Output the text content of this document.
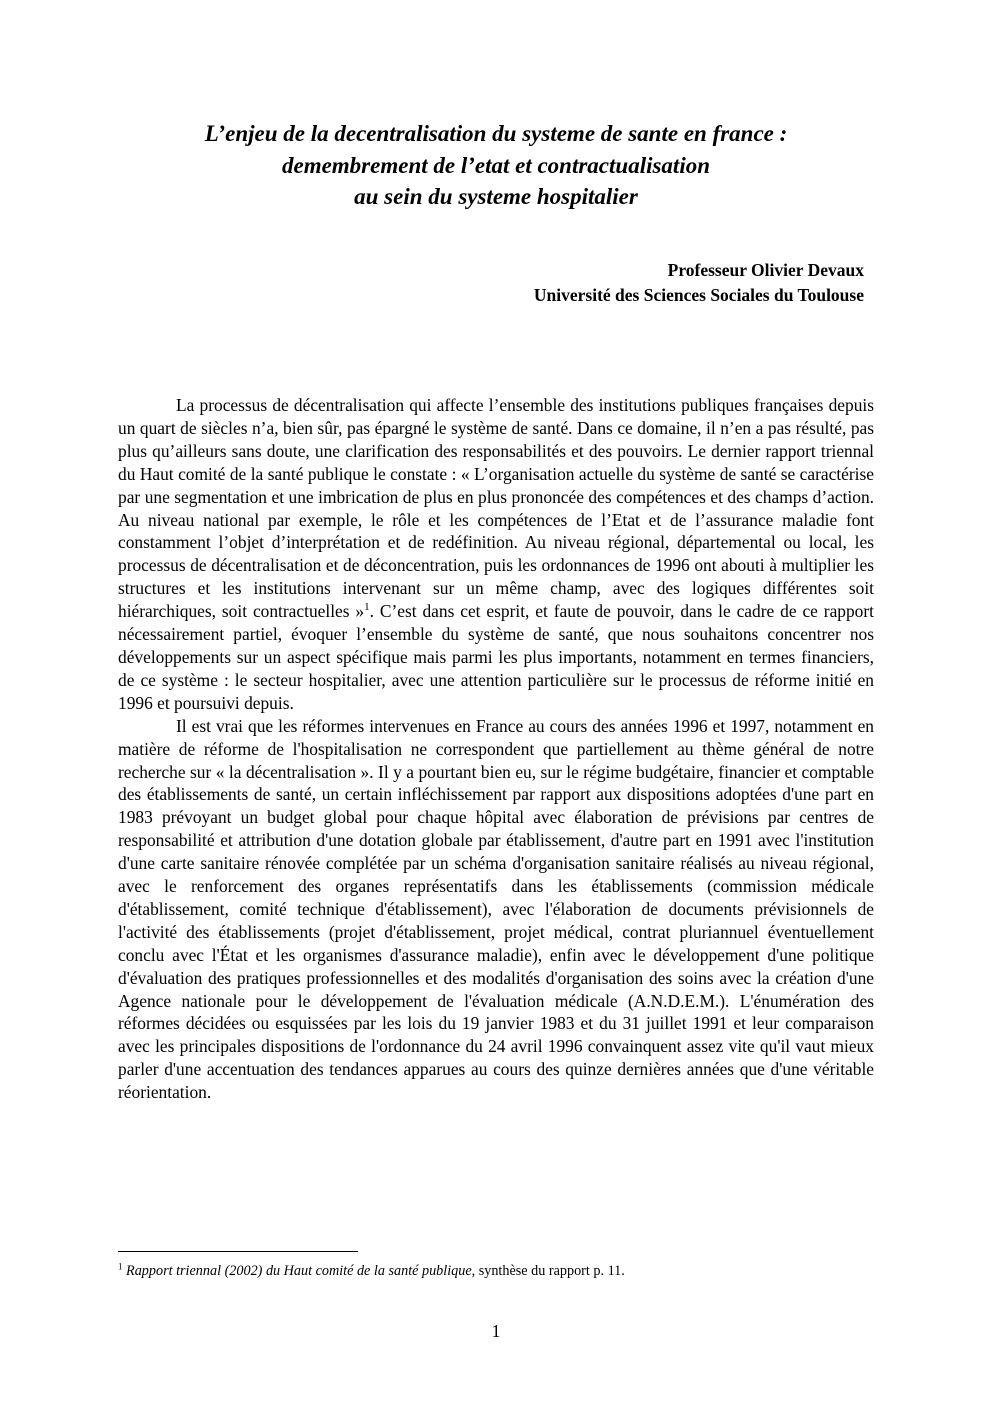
L’enjeu de la decentralisation du systeme de sante en france :
demembrement de l’etat et contractualisation
au sein du systeme hospitalier
Professeur Olivier Devaux
Université des Sciences Sociales du Toulouse

La processus de décentralisation qui affecte l’ensemble des institutions publiques françaises depuis un quart de siècles n’a, bien sûr, pas épargné le système de santé. Dans ce domaine, il n’en a pas résulté, pas plus qu’ailleurs sans doute, une clarification des responsabilités et des pouvoirs. Le dernier rapport triennal du Haut comité de la santé publique le constate : « L’organisation actuelle du système de santé se caractérise par une segmentation et une imbrication de plus en plus prononcée des compétences et des champs d’action. Au niveau national par exemple, le rôle et les compétences de l’Etat et de l’assurance maladie font constamment l’objet d’interprétation et de redéfinition. Au niveau régional, départemental ou local, les processus de décentralisation et de déconcentration, puis les ordonnances de 1996 ont abouti à multiplier les structures et les institutions intervenant sur un même champ, avec des logiques différentes soit hiérarchiques, soit contractuelles »$^1$. C’est dans cet esprit, et faute de pouvoir, dans le cadre de ce rapport nécessairement partiel, évoquer l’ensemble du système de santé, que nous souhaitons concentrer nos développements sur un aspect spécifique mais parmi les plus importants, notamment en termes financiers, de ce système : le secteur hospitalier, avec une attention particulière sur le processus de réforme initié en 1996 et poursuivi depuis.

Il est vrai que les réformes intervenues en France au cours des années 1996 et 1997, notamment en matière de réforme de l'hospitalisation ne correspondent que partiellement au thème général de notre recherche sur « la décentralisation ». Il y a pourtant bien eu, sur le régime budgétaire, financier et comptable des établissements de santé, un certain infléchissement par rapport aux dispositions adoptées d'une part en 1983 prévoyant un budget global pour chaque hôpital avec élaboration de prévisions par centres de responsabilité et attribution d'une dotation globale par établissement, d'autre part en 1991 avec l'institution d'une carte sanitaire rénovée complétée par un schéma d'organisation sanitaire réalisés au niveau régional, avec le renforcement des organes représentatifs dans les établissements (commission médicale d'établissement, comité technique d'établissement), avec l'élaboration de documents prévisionnels de l'activité des établissements (projet d'établissement, projet médical, contrat pluriannuel éventuellement conclu avec l'État et les organismes d'assurance maladie), enfin avec le développement d'une politique d'évaluation des pratiques professionnelles et des modalités d'organisation des soins avec la création d'une Agence nationale pour le développement de l'évaluation médicale (A.N.D.E.M.). L'énumération des réformes décidées ou esquissées par les lois du 19 janvier 1983 et du 31 juillet 1991 et leur comparaison avec les principales dispositions de l'ordonnance du 24 avril 1996 convainquent assez vite qu'il vaut mieux parler d'une accentuation des tendances apparues au cours des quinze dernières années que d'une véritable réorientation.

$^1$ Rapport triennal (2002) du Haut comité de la santé publique, synthèse du rapport p. 11.
1
